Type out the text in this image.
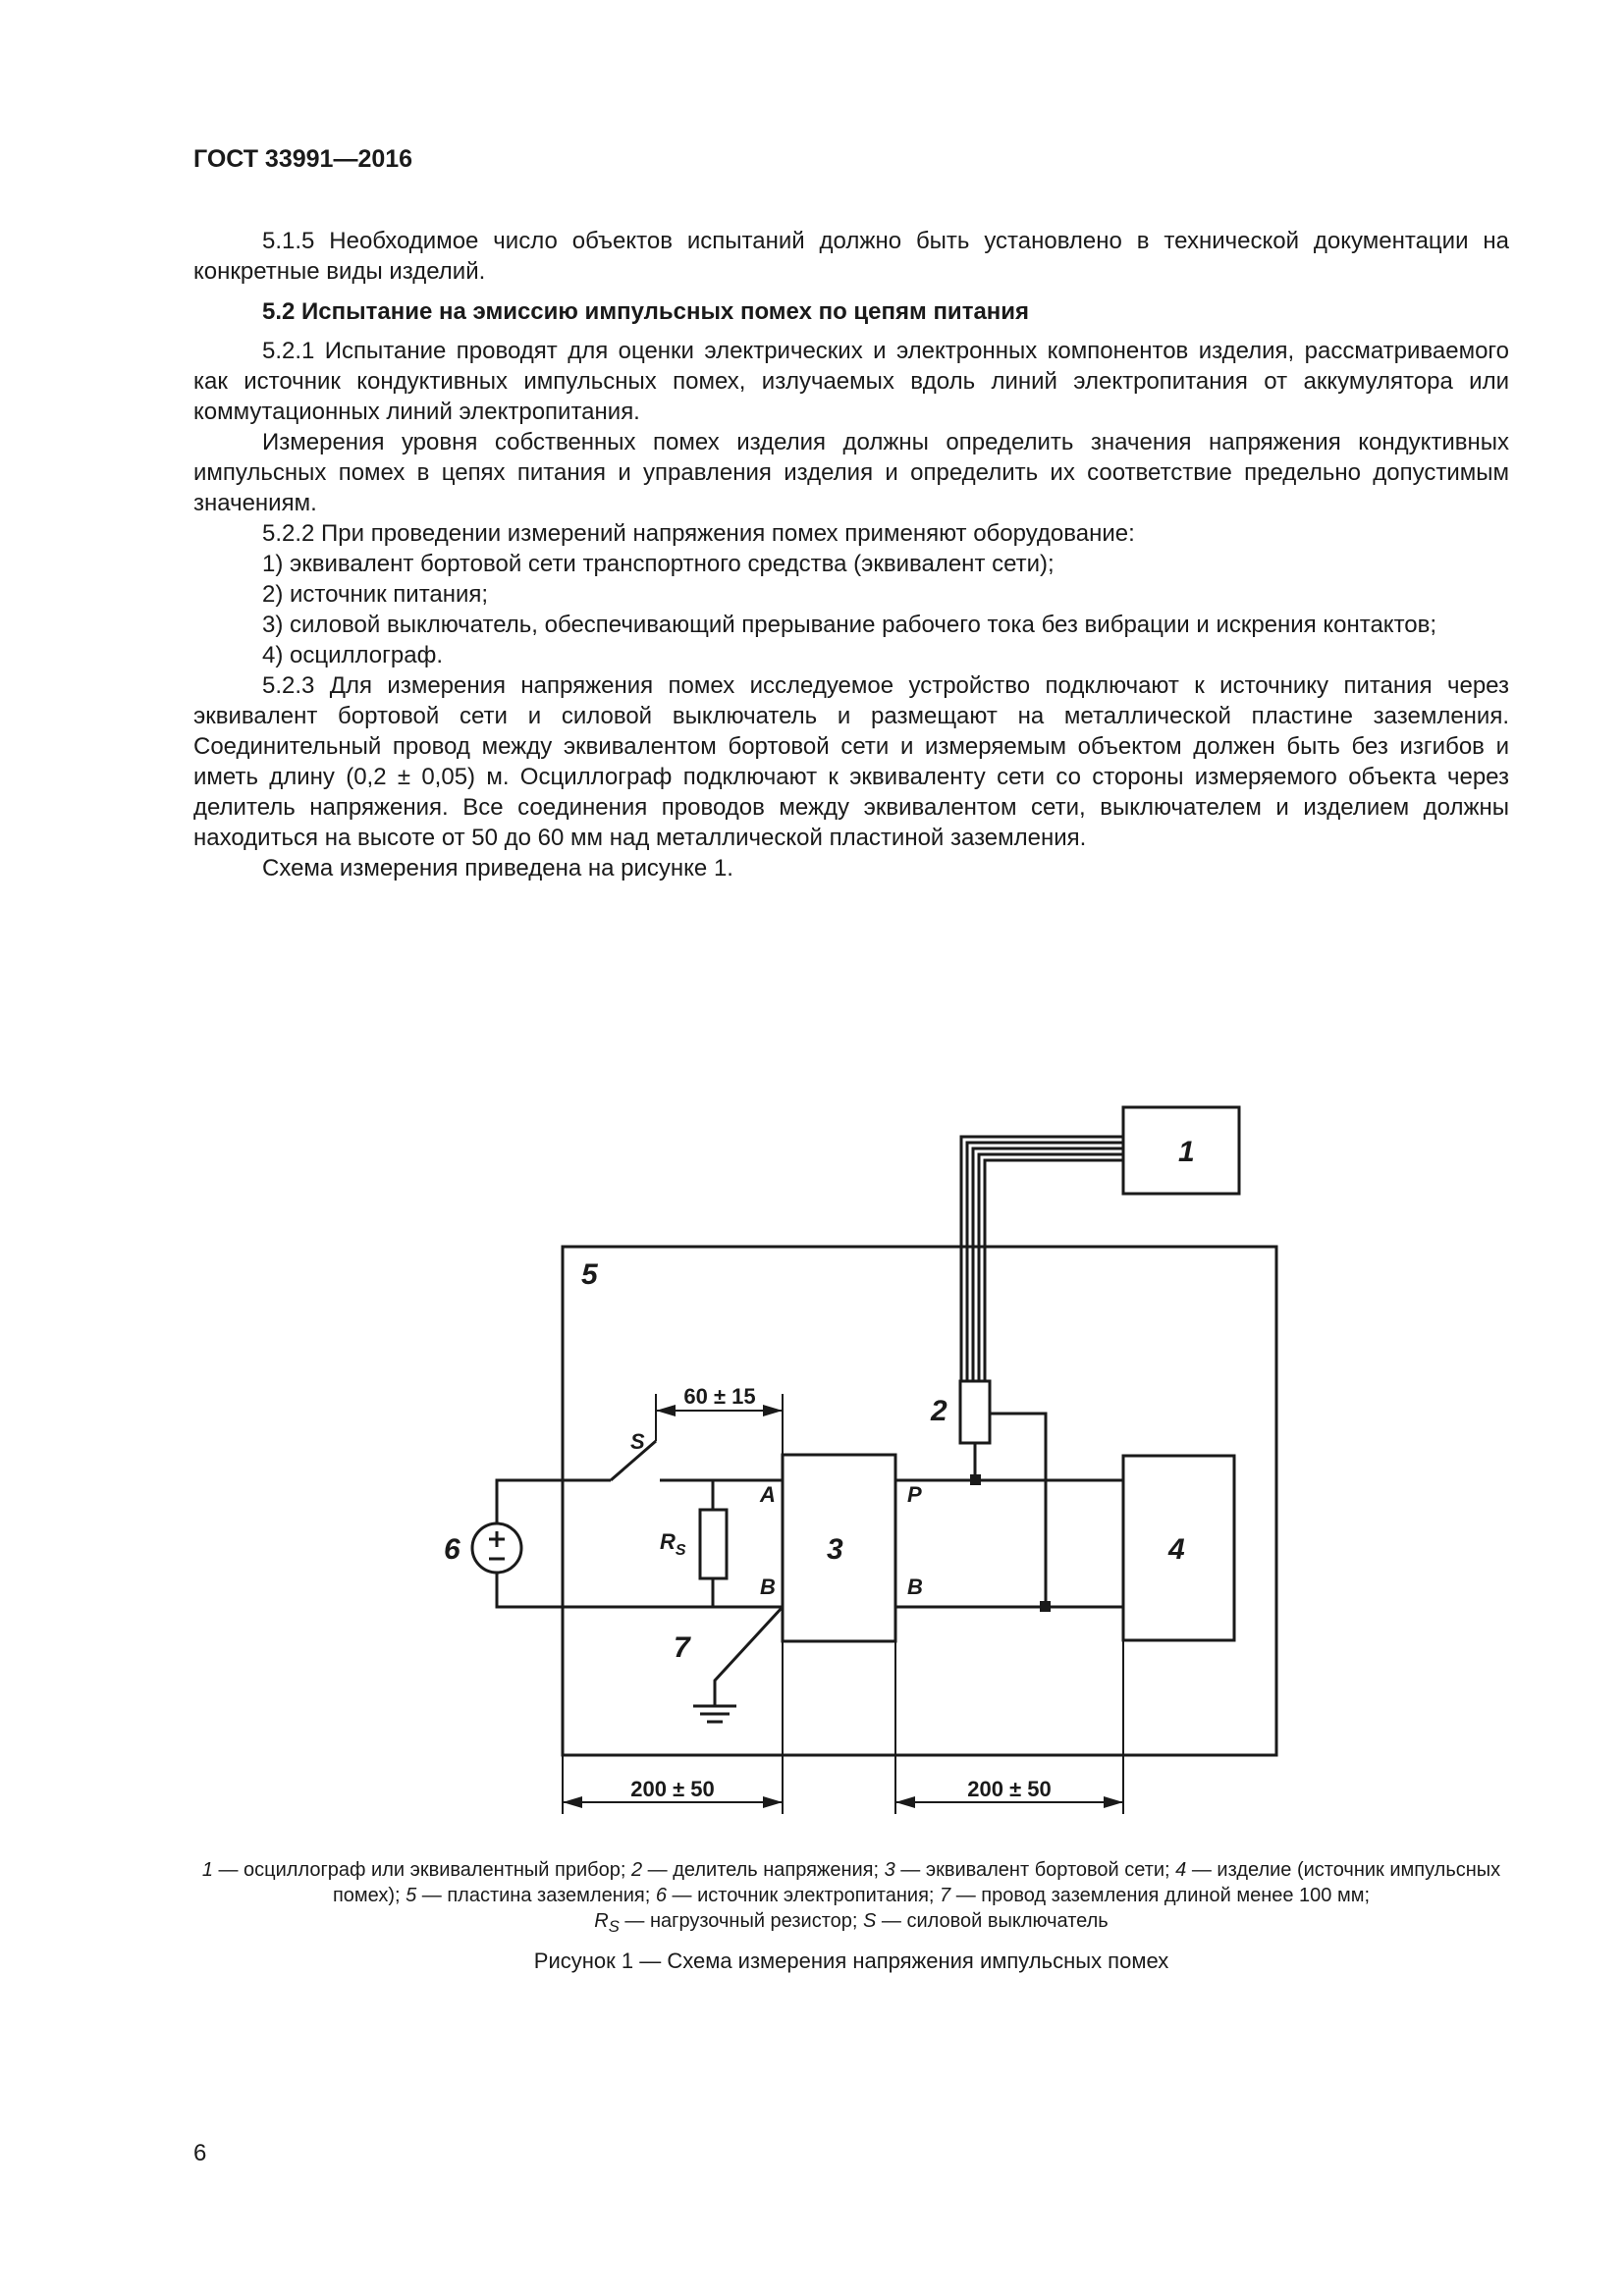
ГОСТ 33991—2016

5.1.5 Необходимое число объектов испытаний должно быть установлено в технической документации на конкретные виды изделий.

5.2 Испытание на эмиссию импульсных помех по цепям питания

5.2.1 Испытание проводят для оценки электрических и электронных компонентов изделия, рассматриваемого как источник кондуктивных импульсных помех, излучаемых вдоль линий электропитания от аккумулятора или коммутационных линий электропитания.

Измерения уровня собственных помех изделия должны определить значения напряжения кондуктивных импульсных помех в цепях питания и управления изделия и определить их соответствие предельно допустимым значениям.

5.2.2 При проведении измерений напряжения помех применяют оборудование:

1) эквивалент бортовой сети транспортного средства (эквивалент сети);

2) источник питания;

3) силовой выключатель, обеспечивающий прерывание рабочего тока без вибрации и искрения контактов;

4) осциллограф.

5.2.3 Для измерения напряжения помех исследуемое устройство подключают к источнику питания через эквивалент бортовой сети и силовой выключатель и размещают на металлической пластине заземления. Соединительный провод между эквивалентом бортовой сети и измеряемым объектом должен быть без изгибов и иметь длину (0,2 ± 0,05) м. Осциллограф подключают к эквиваленту сети со стороны измеряемого объекта через делитель напряжения. Все соединения проводов между эквивалентом сети, выключателем и изделием должны находиться на высоте от 50 до 60 мм над металлической пластиной заземления.

Схема измерения приведена на рисунке 1.

1
5
2
3	4
6
7
S
A
B
P
B
$R_S$
60 ± 15
200 ± 50	200 ± 50
1 — осциллограф или эквивалентный прибор; 2 — делитель напряжения; 3 — эквивалент бортовой сети; 4 — изделие (источник импульсных помех); 5 — пластина заземления; 6 — источник электропитания; 7 — провод заземления длиной менее 100 мм;
$R_S$ — нагрузочный резистор; S — силовой выключатель
Рисунок 1 — Схема измерения напряжения импульсных помех
6
